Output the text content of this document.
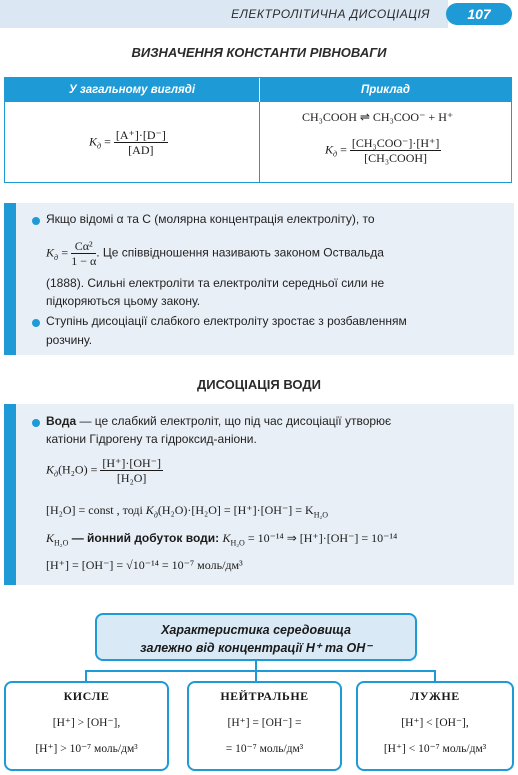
ЕЛЕКТРОЛІТИЧНА ДИСОЦІАЦІЯ	107
ВИЗНАЧЕННЯ КОНСТАНТИ РІВНОВАГИ
У загальному вигляді	Приклад
$K_д = \frac{[A^+]\cdot[D^-]}{[AD]}$
CH₃COOH ⇌ CH₃COO⁻ + H⁺
$K_д = \frac{\text{[CH₃COO⁻]·[H⁺]}}{\text{[CH₃COOH]}}$
Якщо відомі α та C (молярна концентрація електроліту), то
$K_д = \frac{\text{Cα²}}{1 - \alpha}$ . Це співвідношення називають законом Оствальда
(1888). Сильні електроліти та електроліти середньої сили не
підкоряються цьому закону.
Ступінь дисоціації слабкого електроліту зростає з розбавленням
розчину.
ДИСОЦІАЦІЯ ВОДИ
Вода — це слабкий електроліт, що під час дисоціації утворює
катіони Гідрогену та гідроксид-аніони.
$K_д(H_2O) = \frac{[H^+]\cdot[OH^-]}{\text{[H₂O]}}$
[H₂O] = const , тоді $K_д(H_2O)\cdot[H_2O] = [H^+]\cdot[OH^-] = K_{H_2O}$
$K_{H_2O}$ — йонний добуток води: $K_{H_2O} = 10^{-14}$ ⇒ [H⁺]·[OH⁻] = 10⁻¹⁴
[H⁺] = [OH⁻] = √10⁻¹⁴ = 10⁻⁷ моль/дм³
Характеристика середовища
залежно від концентрації H⁺ та OH⁻
КИСЛЕ
[H⁺] > [OH⁻],
[H⁺] > 10⁻⁷ моль/дм³
НЕЙТРАЛЬНЕ
[H⁺] = [OH⁻] =
= 10⁻⁷ моль/дм³
ЛУЖНЕ
[H⁺] < [OH⁻],
[H⁺] < 10⁻⁷ моль/дм³
